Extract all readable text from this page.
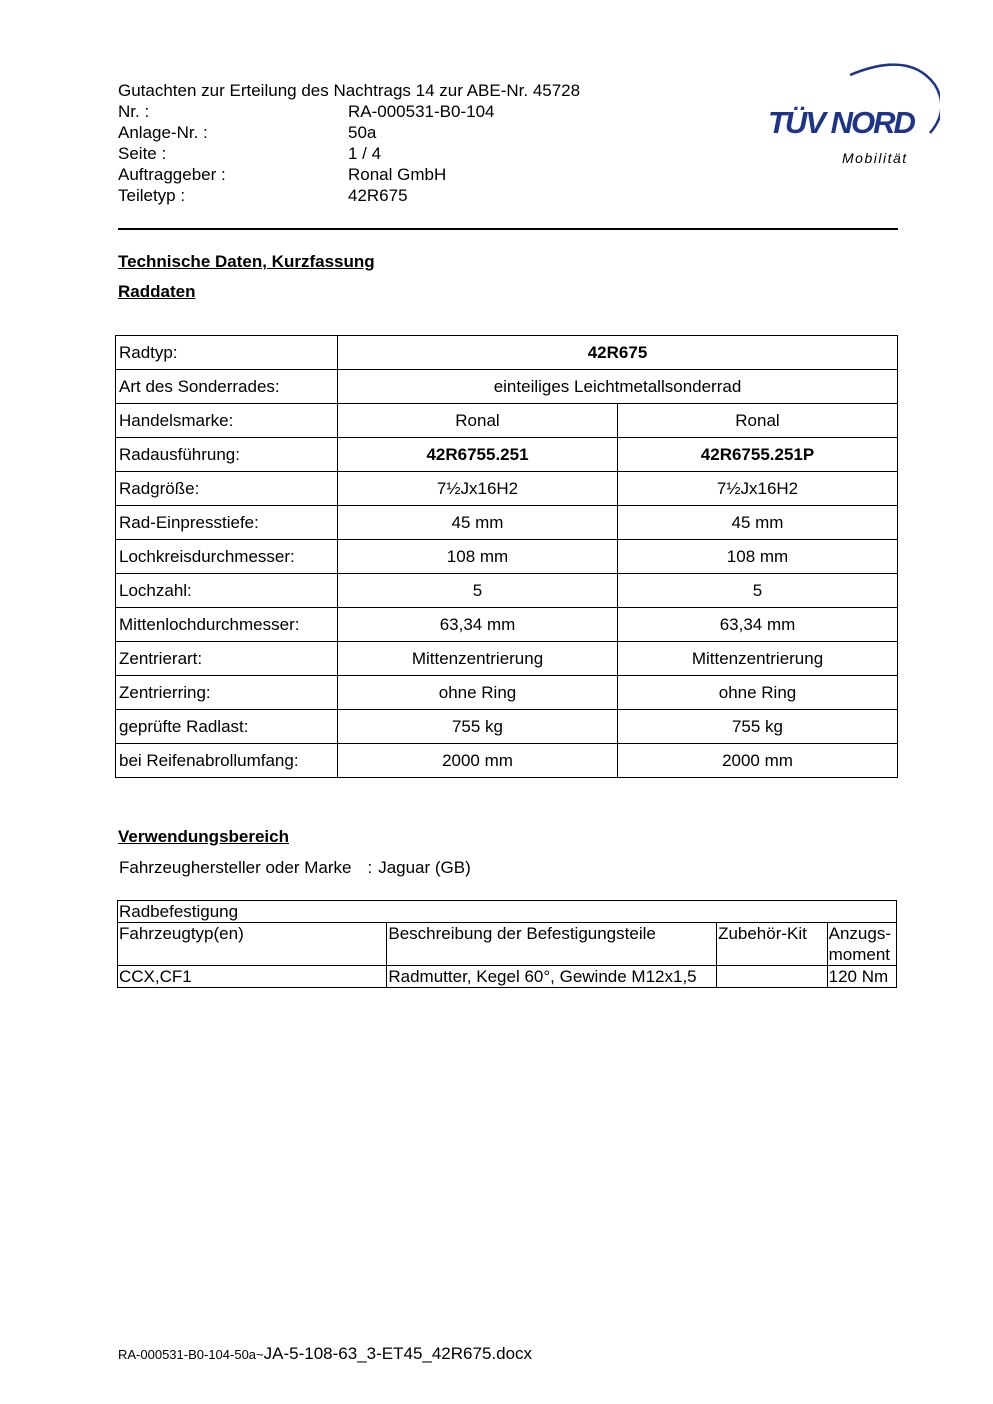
Gutachten zur Erteilung des Nachtrags 14 zur ABE-Nr. 45728
Nr. :	RA-000531-B0-104
Anlage-Nr. :	50a
Seite :	1 / 4
Auftraggeber :	Ronal GmbH
Teiletyp :	42R675
TÜV NORD
Mobilität
Technische Daten, Kurzfassung
Raddaten
Radtyp:	42R675	
Art des Sonderrades:	einteiliges Leichtmetallsonderrad	
Handelsmarke:	Ronal	Ronal
Radausführung:	42R6755.251	42R6755.251P
Radgröße:	7½Jx16H2	7½Jx16H2
Rad-Einpresstiefe:	45 mm	45 mm
Lochkreisdurchmesser:	108 mm	108 mm
Lochzahl:	5	5
Mittenlochdurchmesser:	63,34 mm	63,34 mm
Zentrierart:	Mittenzentrierung	Mittenzentrierung
Zentrierring:	ohne Ring	ohne Ring
geprüfte Radlast:	755 kg	755 kg
bei Reifenabrollumfang:	2000 mm	2000 mm
Verwendungsbereich
Fahrzeughersteller oder Marke : Jaguar (GB)
Radbefestigung			
Fahrzeugtyp(en)	Beschreibung der Befestigungsteile	Zubehör-Kit	Anzugs-moment
CCX,CF1	Radmutter, Kegel 60°, Gewinde M12x1,5		120 Nm
RA-000531-B0-104-50a~JA-5-108-63_3-ET45_42R675.docx
